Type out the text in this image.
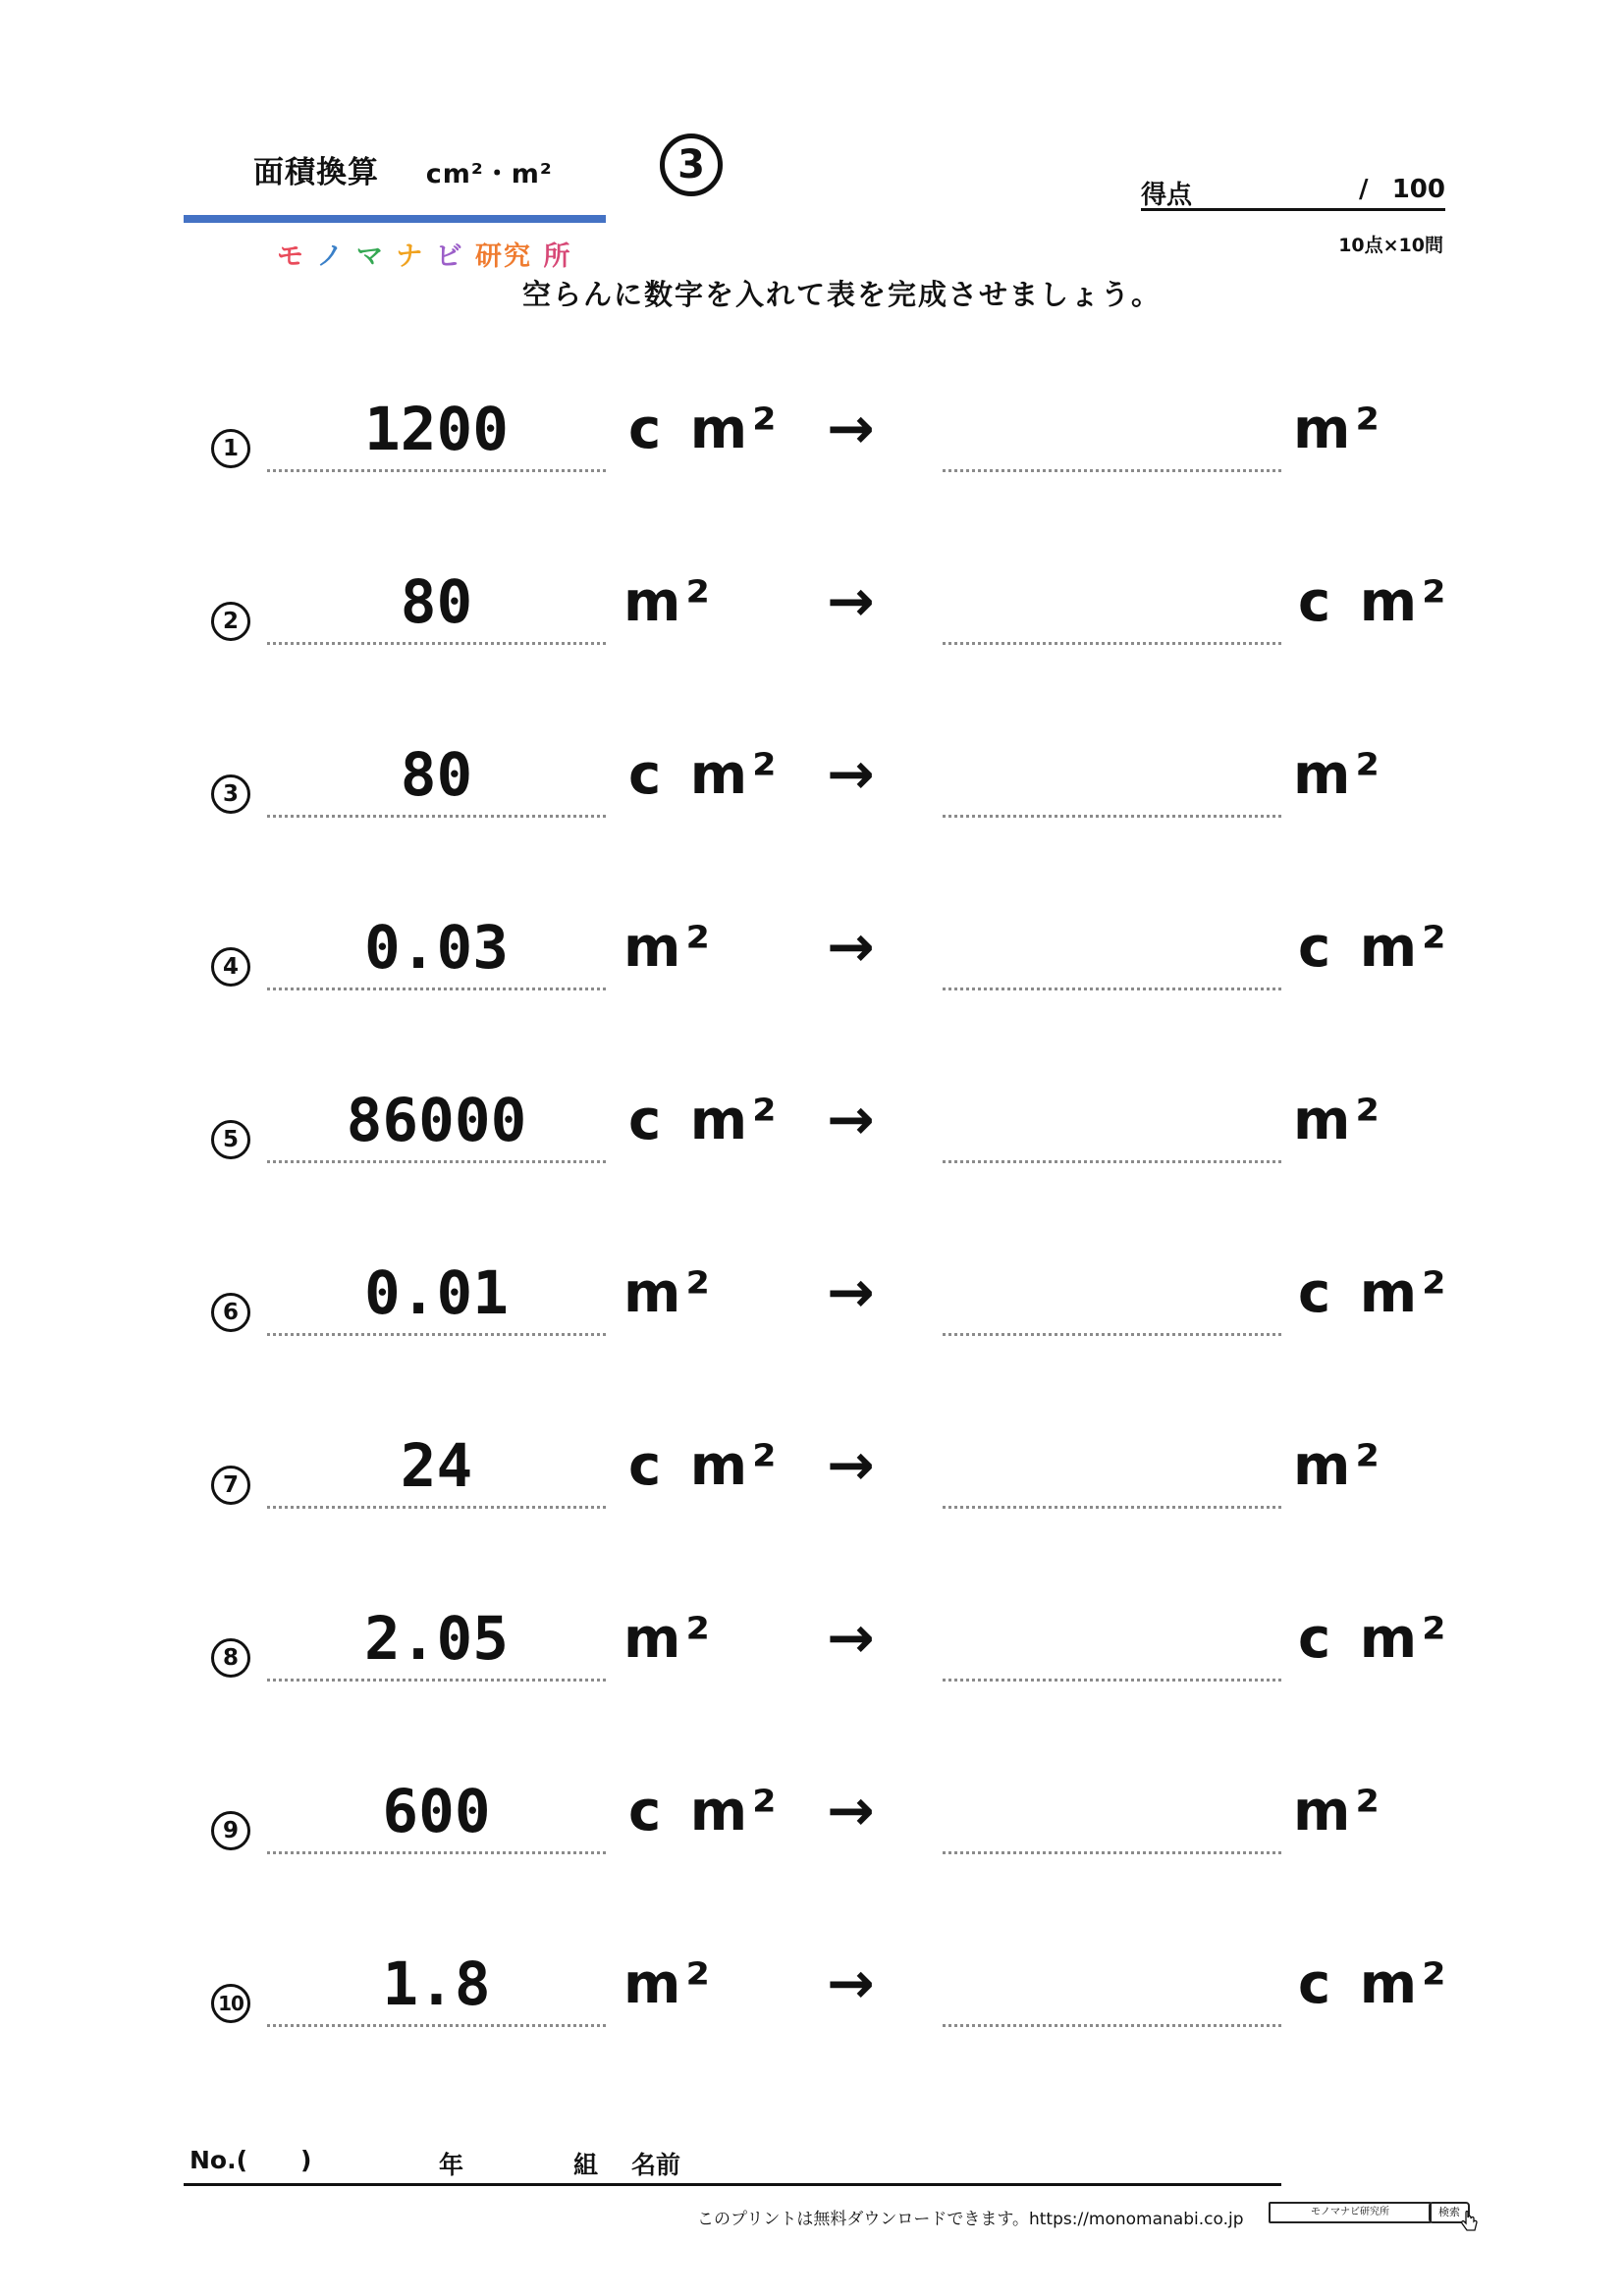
面積換算 cm²・m²	3
モ ノ マ ナ ビ 研究 所
得点	/ 100
10点×10問
空らんに数字を入れて表を完成させましょう。
1	1200	c m² →	m²
2	80	m² →	c m²
3	80	c m² →	m²
4	0.03	m² →	c m²
5	86000	c m² →	m²
6	0.01	m² →	c m²
7	24	c m² →	m²
8	2.05	m² →	c m²
9	600	c m² →	m²
10	1.8	m² →	c m²
No.( )	年	組 名前
このプリントは無料ダウンロードできます。https://monomanabi.co.jp	モノマナビ研究所	検索
